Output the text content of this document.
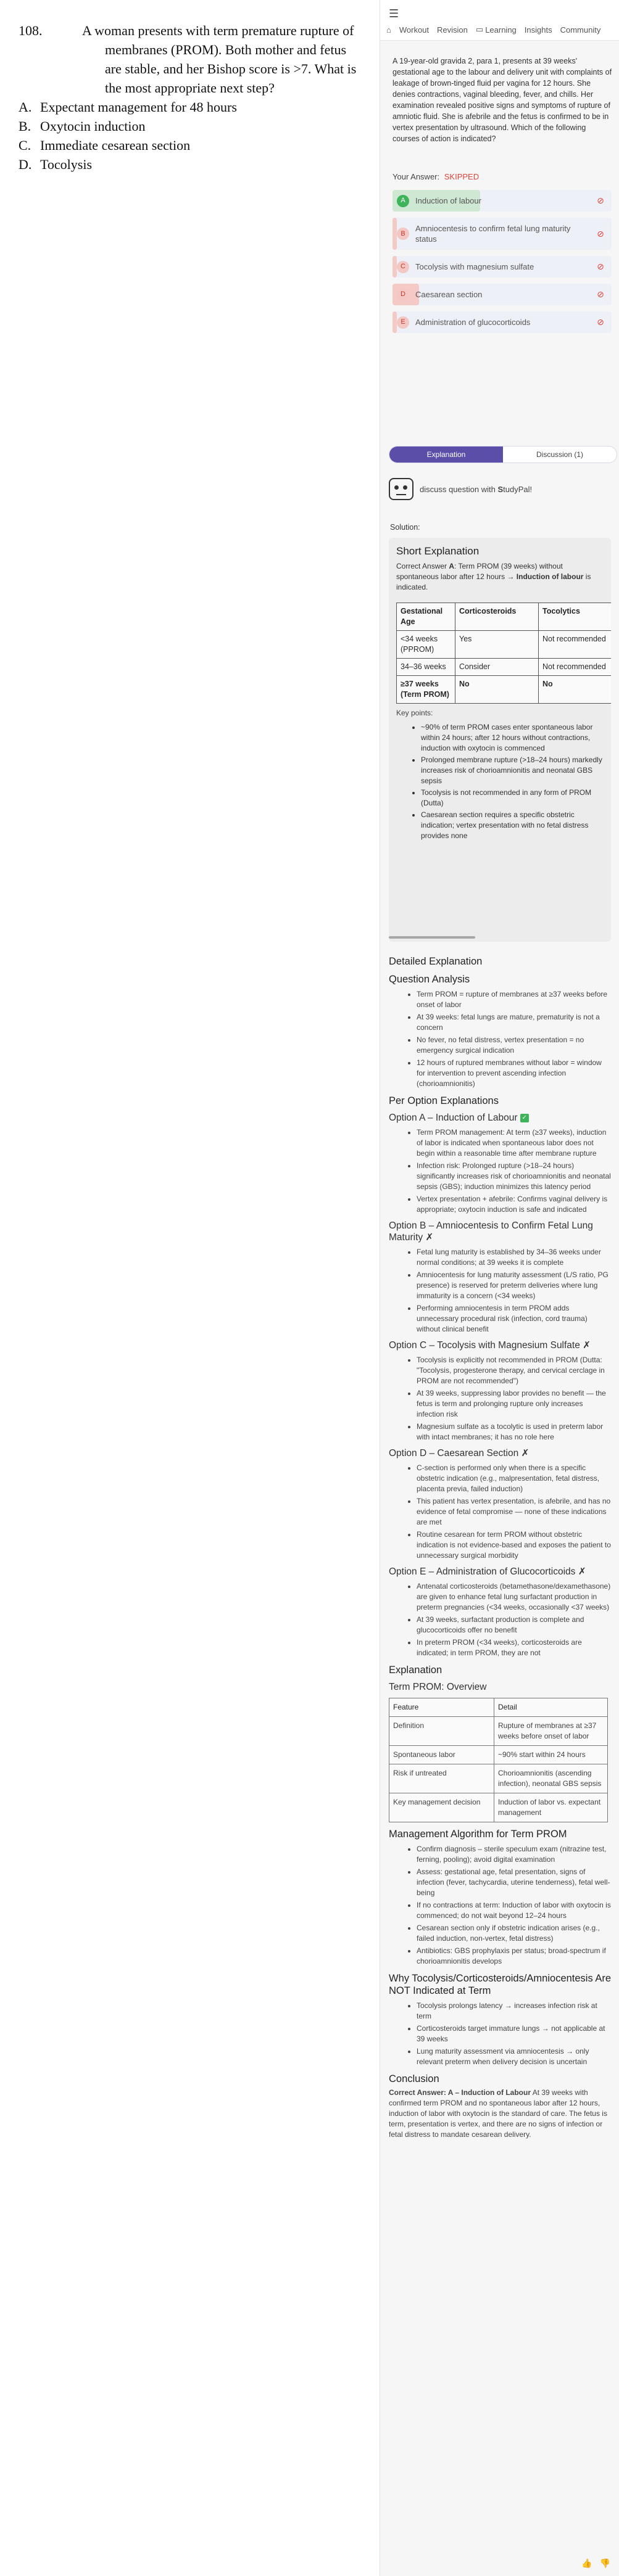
108.	A woman presents with term premature rupture of membranes (PROM). Both mother and fetus are stable, and her Bishop score is >7. What is the most appropriate next step?
A. Expectant management for 48 hours
B. Oxytocin induction
C. Immediate cesarean section
D. Tocolysis
☰
⌂ Workout Revision ▭ Learning Insights Community

A 19-year-old gravida 2, para 1, presents at 39 weeks' gestational age to the labour and delivery unit with complaints of leakage of brown-tinged fluid per vagina for 12 hours. She denies contractions, vaginal bleeding, fever, and chills. Her examination revealed positive signs and symptoms of rupture of amniotic fluid. She is afebrile and the fetus is confirmed to be in vertex presentation by ultrasound. Which of the following courses of action is indicated?

Your Answer: SKIPPED
A	Induction of labour	⊘
B
Amniocentesis to confirm fetal lung maturity status
⊘
C	Tocolysis with magnesium sulfate	⊘
D	Caesarean section	⊘
E	Administration of glucocorticoids	⊘
Explanation	Discussion (1)
discuss question with StudyPal!
Solution:
Short Explanation

Correct Answer A: Term PROM (39 weeks) without spontaneous labor after 12 hours → Induction of labour is indicated.

Gestational Age	Corticosteroids	Tocolytics
<34 weeks (PPROM)	Yes	Not recommended
34–36 weeks	Consider	Not recommended
≥37 weeks (Term PROM)	No	No
Key points:
• ~90% of term PROM cases enter spontaneous labor within 24 hours; after 12 hours without contractions, induction with oxytocin is commenced
• Prolonged membrane rupture (>18–24 hours) markedly increases risk of chorioamnionitis and neonatal GBS sepsis
• Tocolysis is not recommended in any form of PROM (Dutta)
• Caesarean section requires a specific obstetric indication; vertex presentation with no fetal distress provides none
Detailed Explanation
Question Analysis
• Term PROM = rupture of membranes at ≥37 weeks before onset of labor
• At 39 weeks: fetal lungs are mature, prematurity is not a concern
• No fever, no fetal distress, vertex presentation = no emergency surgical indication
• 12 hours of ruptured membranes without labor = window for intervention to prevent ascending infection (chorioamnionitis)
Per Option Explanations
Option A – Induction of Labour ✓
• Term PROM management: At term (≥37 weeks), induction of labor is indicated when spontaneous labor does not begin within a reasonable time after membrane rupture
• Infection risk: Prolonged rupture (>18–24 hours) significantly increases risk of chorioamnionitis and neonatal sepsis (GBS); induction minimizes this latency period
• Vertex presentation + afebrile: Confirms vaginal delivery is appropriate; oxytocin induction is safe and indicated
Option B – Amniocentesis to Confirm Fetal Lung Maturity ✗
• Fetal lung maturity is established by 34–36 weeks under normal conditions; at 39 weeks it is complete
• Amniocentesis for lung maturity assessment (L/S ratio, PG presence) is reserved for preterm deliveries where lung immaturity is a concern (<34 weeks)
• Performing amniocentesis in term PROM adds unnecessary procedural risk (infection, cord trauma) without clinical benefit
Option C – Tocolysis with Magnesium Sulfate ✗
• Tocolysis is explicitly not recommended in PROM (Dutta: "Tocolysis, progesterone therapy, and cervical cerclage in PROM are not recommended")
• At 39 weeks, suppressing labor provides no benefit — the fetus is term and prolonging rupture only increases infection risk
• Magnesium sulfate as a tocolytic is used in preterm labor with intact membranes; it has no role here
Option D – Caesarean Section ✗
• C-section is performed only when there is a specific obstetric indication (e.g., malpresentation, fetal distress, placenta previa, failed induction)
• This patient has vertex presentation, is afebrile, and has no evidence of fetal compromise — none of these indications are met
• Routine cesarean for term PROM without obstetric indication is not evidence-based and exposes the patient to unnecessary surgical morbidity
Option E – Administration of Glucocorticoids ✗
• Antenatal corticosteroids (betamethasone/dexamethasone) are given to enhance fetal lung surfactant production in preterm pregnancies (<34 weeks, occasionally <37 weeks)
• At 39 weeks, surfactant production is complete and glucocorticoids offer no benefit
• In preterm PROM (<34 weeks), corticosteroids are indicated; in term PROM, they are not
Explanation
Term PROM: Overview
Feature	Detail
Definition	Rupture of membranes at ≥37 weeks before onset of labor
Spontaneous labor	~90% start within 24 hours
Risk if untreated	Chorioamnionitis (ascending infection), neonatal GBS sepsis
Key management decision	Induction of labor vs. expectant management
Management Algorithm for Term PROM
• Confirm diagnosis – sterile speculum exam (nitrazine test, ferning, pooling); avoid digital examination
• Assess: gestational age, fetal presentation, signs of infection (fever, tachycardia, uterine tenderness), fetal well-being
• If no contractions at term: Induction of labor with oxytocin is commenced; do not wait beyond 12–24 hours
• Cesarean section only if obstetric indication arises (e.g., failed induction, non-vertex, fetal distress)
• Antibiotics: GBS prophylaxis per status; broad-spectrum if chorioamnionitis develops
Why Tocolysis/Corticosteroids/Amniocentesis Are NOT Indicated at Term
• Tocolysis prolongs latency → increases infection risk at term
• Corticosteroids target immature lungs → not applicable at 39 weeks
• Lung maturity assessment via amniocentesis → only relevant preterm when delivery decision is uncertain
Conclusion

Correct Answer: A – Induction of Labour At 39 weeks with confirmed term PROM and no spontaneous labor after 12 hours, induction of labor with oxytocin is the standard of care. The fetus is term, presentation is vertex, and there are no signs of infection or fetal distress to mandate cesarean delivery.

👍 👎
